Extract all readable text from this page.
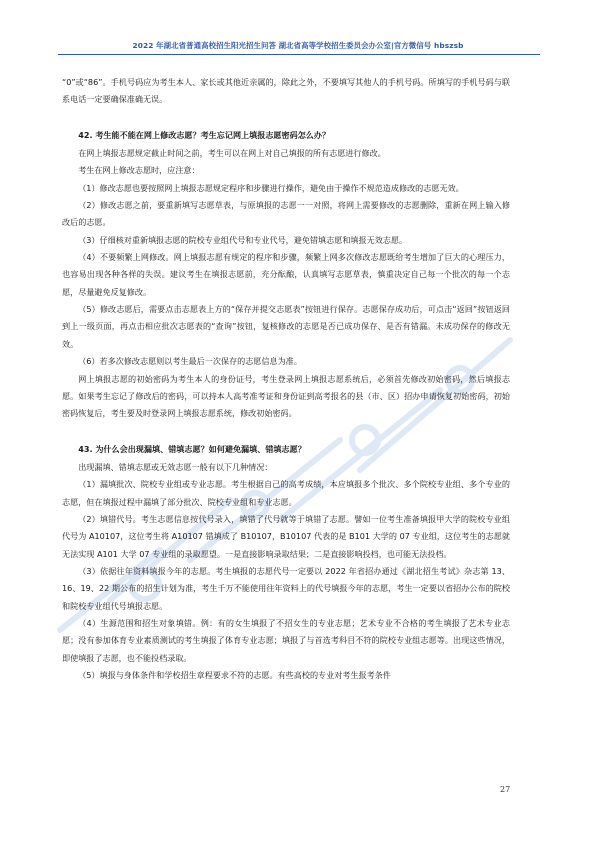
2022 年湖北省普通高校招生阳光招生问答 湖北省高等学校招生委员会办公室|官方微信号 hbszsb

“0”或“86”。手机号码应为考生本人、家长或其他近亲属的，除此之外，不要填写其他人的手机号码。所填写的手机号码与联系电话一定要确保准确无误。

42. 考生能不能在网上修改志愿？考生忘记网上填报志愿密码怎么办？

在网上填报志愿规定截止时间之前，考生可以在网上对自己填报的所有志愿进行修改。

考生在网上修改志愿时，应注意：

（1）修改志愿也要按照网上填报志愿规定程序和步骤进行操作，避免由于操作不规范造成修改的志愿无效。

（2）修改志愿之前，要重新填写志愿草表，与原填报的志愿一一对照，将网上需要修改的志愿删除，重新在网上输入修改后的志愿。

（3）仔细核对重新填报志愿的院校专业组代号和专业代号，避免错填志愿和填报无效志愿。

（4）不要频繁上网修改。网上填报志愿有规定的程序和步骤，频繁上网多次修改志愿既给考生增加了巨大的心理压力，也容易出现各种各样的失误。建议考生在填报志愿前，充分酝酿，认真填写志愿草表，慎重决定自己每一个批次的每一个志愿，尽量避免反复修改。

（5）修改志愿后，需要点击志愿表上方的“保存并提交志愿表”按钮进行保存。志愿保存成功后，可点击“返回”按钮返回到上一级页面，再点击相应批次志愿表的“查询”按钮，复核修改的志愿是否已成功保存、是否有错漏。未成功保存的修改无效。

（6）若多次修改志愿则以考生最后一次保存的志愿信息为准。

网上填报志愿的初始密码为考生本人的身份证号，考生登录网上填报志愿系统后，必须首先修改初始密码，然后填报志愿。如果考生忘记了修改后的密码，可以持本人高考准考证和身份证到高考报名的县（市、区）招办申请恢复初始密码，初始密码恢复后，考生要及时登录网上填报志愿系统，修改初始密码。

43. 为什么会出现漏填、错填志愿？如何避免漏填、错填志愿？

出现漏填、错填志愿或无效志愿一般有以下几种情况：

（1）漏填批次、院校专业组或专业志愿。考生根据自己的高考成绩，本应填报多个批次、多个院校专业组、多个专业的志愿，但在填报过程中漏填了部分批次、院校专业组和专业志愿。

（2）填错代号。考生志愿信息按代号录入，填错了代号就等于填错了志愿。譬如一位考生准备填报甲大学的院校专业组代号为 A10107，这位考生将 A10107 错填成了 B10107，B10107 代表的是 B101 大学的 07 专业组，这位考生的志愿就无法实现 A101 大学 07 专业组的录取愿望。一是直接影响录取结果；二是直接影响投档，也可能无法投档。

（3）依据往年资料填报今年的志愿。考生填报的志愿代号一定要以 2022 年省招办通过《湖北招生考试》杂志第 13、16、19、22 期公布的招生计划为准，考生千万不能使用往年资料上的代号填报今年的志愿，考生一定要以省招办公布的院校和院校专业组代号填报志愿。

（4）生源范围和招生对象填错。例：有的女生填报了不招女生的专业志愿；艺术专业不合格的考生填报了艺术专业志愿；没有参加体育专业素质测试的考生填报了体育专业志愿；填报了与首选考科目不符的院校专业组志愿等。出现这些情况，即使填报了志愿，也不能投档录取。

（5）填报与身体条件和学校招生章程要求不符的志愿。有些高校的专业对考生报考条件

27
